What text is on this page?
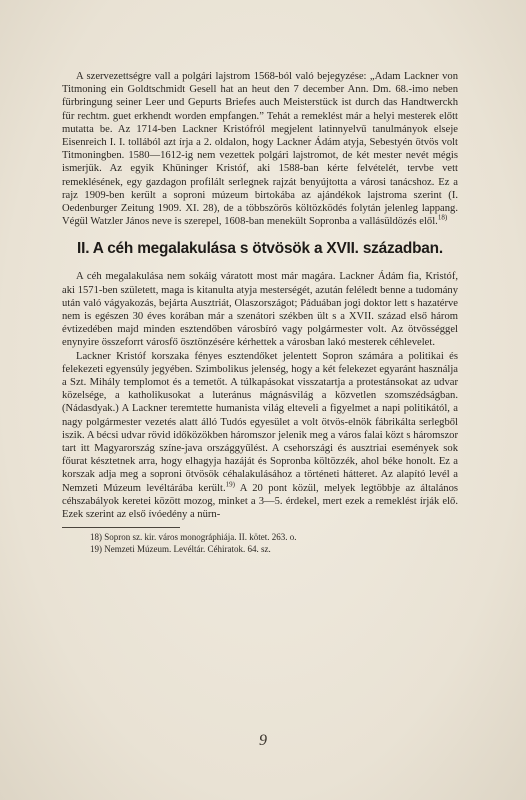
A szervezettségre vall a polgári lajstrom 1568-ból való bejegyzése: „Adam Lackner von Titmoning ein Goldtschmidt Gesell hat an heut den 7 december Ann. Dm. 68.-imo neben fürbringung seiner Leer und Gepurts Briefes auch Meisterstück ist durch das Handtwerckh für rechtm. guet erkhendt worden empfangen.” Tehát a remeklést már a helyi mesterek előtt mutatta be. Az 1714-ben Lackner Kristófról megjelent latinnyelvű tanulmányok elseje Eisenreich I. I. tollából azt írja a 2. oldalon, hogy Lackner Ádám atyja, Sebestyén ötvös volt Titmoningben. 1580—1612-ig nem vezettek polgári lajstromot, de két mester nevét mégis ismerjük. Az egyik Khüninger Kristóf, aki 1588-ban kérte felvételét, tervbe vett remeklésének, egy gazdagon profilált serlegnek rajzát benyújtotta a városi tanácshoz. Ez a rajz 1909-ben került a soproni múzeum birtokába az ajándékok lajstroma szerint (I. Oedenburger Zeitung 1909. XI. 28), de a többszörös költözködés folytán jelenleg lappang. Végül Watzler János neve is szerepel, 1608-ban menekült Sopronba a vallásüldözés elől.$^{18)}$

II. A céh megalakulása s ötvösök a XVII. században.

A céh megalakulása nem sokáig váratott most már magára. Lackner Ádám fia, Kristóf, aki 1571-ben született, maga is kitanulta atyja mesterségét, azután feléledt benne a tudomány után való vágyakozás, bejárta Ausztriát, Olaszországot; Páduában jogi doktor lett s hazatérve nem is egészen 30 éves korában már a szenátori székben ült s a XVII. század első három évtizedében majd minden esztendőben városbíró vagy polgármester volt. Az ötvösséggel enynyire összeforrt városfő ösztönzésére kérhettek a városban lakó mesterek céhlevelet.

Lackner Kristóf korszaka fényes esztendőket jelentett Sopron számára a politikai és felekezeti egyensúly jegyében. Szimbolikus jelenség, hogy a két felekezet egyaránt használja a Szt. Mihály templomot és a temetőt. A túlkapásokat visszatartja a protestánsokat az udvar közelsége, a katholikusokat a luteránus mágnásvilág a közvetlen szomszédságban. (Nádasdyak.) A Lackner teremtette humanista világ elteveli a figyelmet a napi politikától, a nagy polgármester vezetés alatt álló Tudós egyesület a volt ötvös-elnök fábrikálta serlegből iszik. A bécsi udvar rövid időközökben háromszor jelenik meg a város falai közt s háromszor tart itt Magyarország színe-java országgyűlést. A csehországi és ausztriai események sok főurat késztetnek arra, hogy elhagyja hazáját és Sopronba költözzék, ahol béke honolt. Ez a korszak adja meg a soproni ötvösök céhalakulásához a történeti hátteret. Az alapító levél a Nemzeti Múzeum levéltárába került.$^{19)}$ A 20 pont közül, melyek legtöbbje az általános céhszabályok keretei között mozog, minket a 3—5. érdekel, mert ezek a remeklést írják elő. Ezek szerint az első ívóedény a nürn-

18) Sopron sz. kir. város monográphiája. II. kötet. 263. o.

19) Nemzeti Múzeum. Levéltár. Céhiratok. 64. sz.

9
